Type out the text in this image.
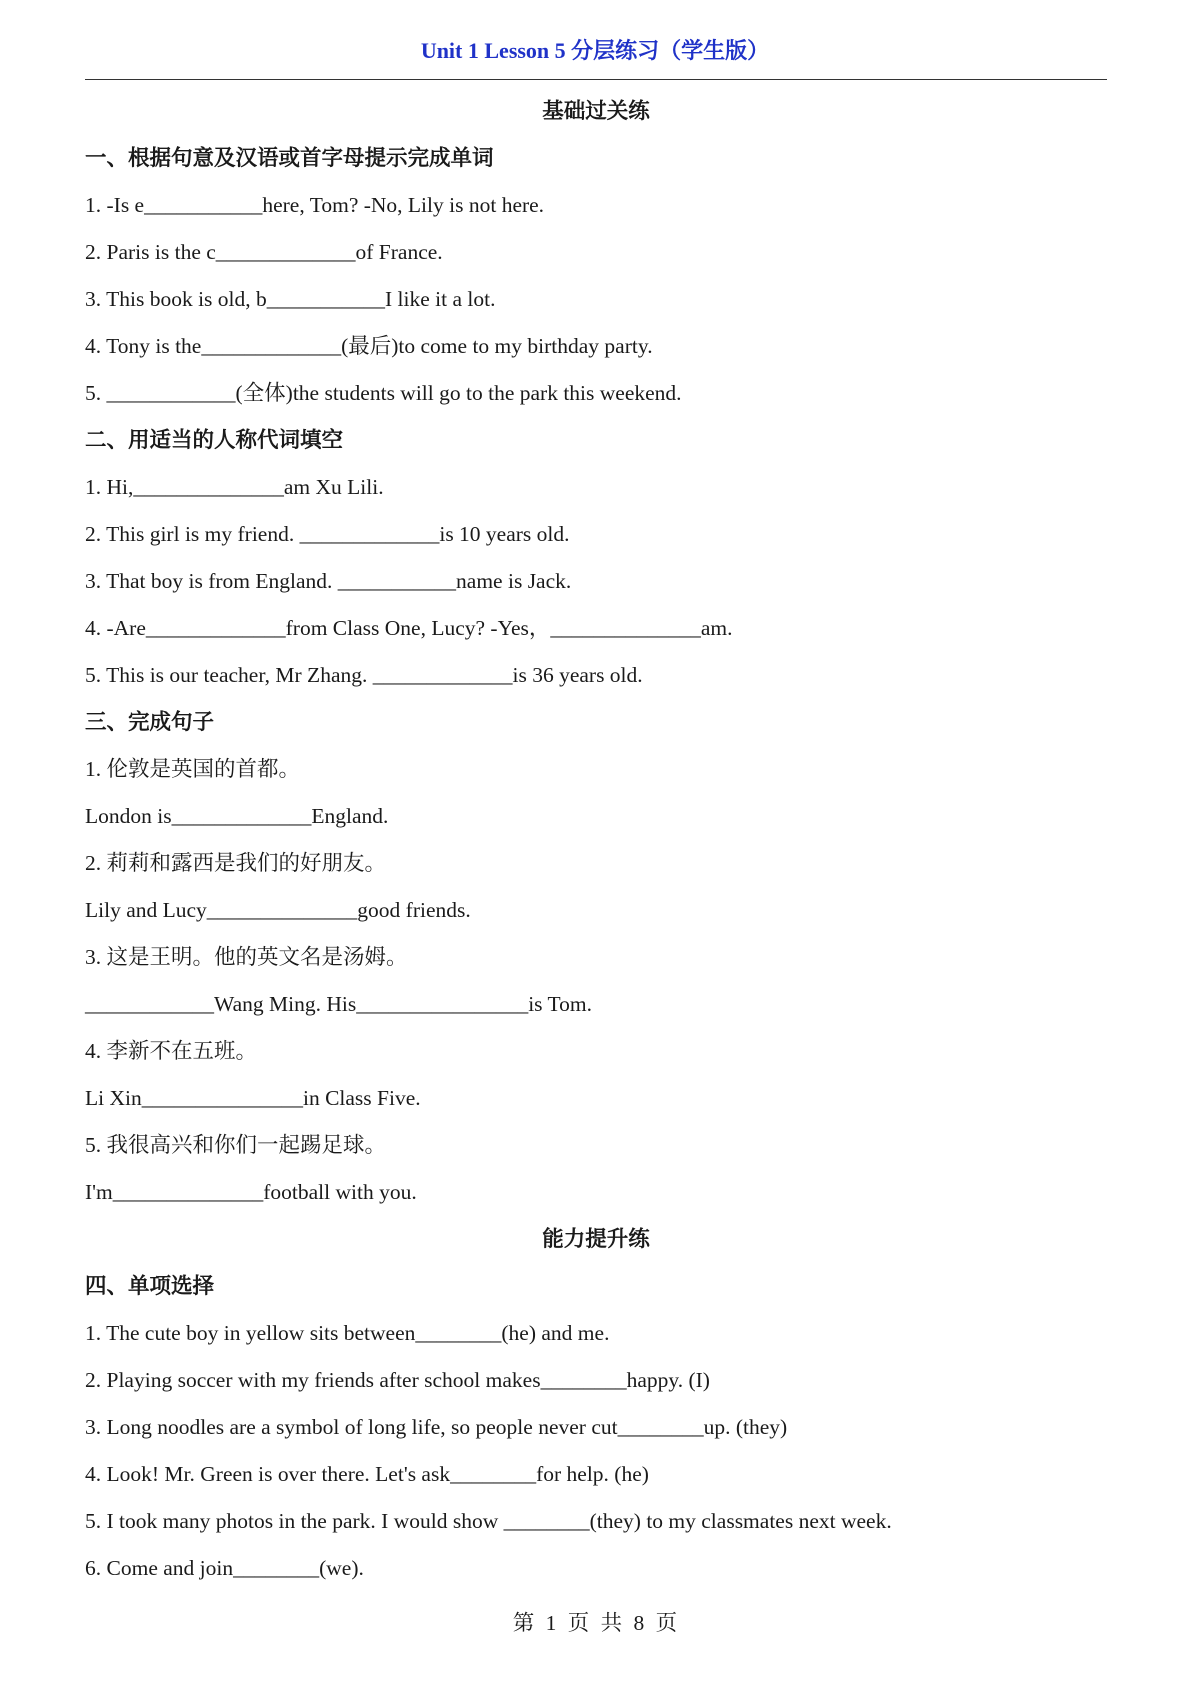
Unit 1 Lesson 5 分层练习（学生版）
基础过关练
一、根据句意及汉语或首字母提示完成单词
1. -Is e___________here, Tom? -No, Lily is not here.
2. Paris is the c_____________of France.
3. This book is old, b___________I like it a lot.
4. Tony is the_____________(最后)to come to my birthday party.
5. ____________(全体)the students will go to the park this weekend.
二、用适当的人称代词填空
1. Hi,______________am Xu Lili.
2. This girl is my friend. _____________is 10 years old.
3. That boy is from England. ___________name is Jack.
4. -Are_____________from Class One, Lucy? -Yes，______________am.
5. This is our teacher, Mr Zhang. _____________is 36 years old.
三、完成句子
1. 伦敦是英国的首都。
London is_____________England.
2. 莉莉和露西是我们的好朋友。
Lily and Lucy______________good friends.
3. 这是王明。他的英文名是汤姆。
____________Wang Ming. His________________is Tom.
4. 李新不在五班。
Li Xin_______________in Class Five.
5. 我很高兴和你们一起踢足球。
I'm______________football with you.
能力提升练
四、单项选择
1. The cute boy in yellow sits between________(he) and me.
2. Playing soccer with my friends after school makes________happy. (I)
3. Long noodles are a symbol of long life, so people never cut________up. (they)
4. Look! Mr. Green is over there. Let's ask________for help. (he)
5. I took many photos in the park. I would show ________(they) to my classmates next week.
6. Come and join________(we).
第 1 页 共 8 页
